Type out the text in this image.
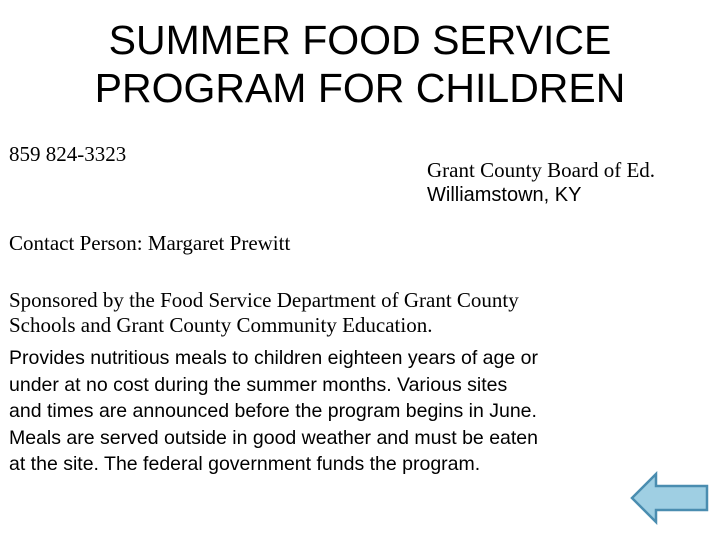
SUMMER FOOD SERVICE
PROGRAM FOR CHILDREN
859 824-3323
Grant County Board of Ed.
Williamstown, KY
Contact Person: Margaret Prewitt
Sponsored by the Food Service Department of Grant County
Schools and Grant County Community Education.
Provides nutritious meals to children eighteen years of age or
under at no cost during the summer months. Various sites
and times are announced before the program begins in June.
Meals are served outside in good weather and must be eaten
at the site. The federal government funds the program.
